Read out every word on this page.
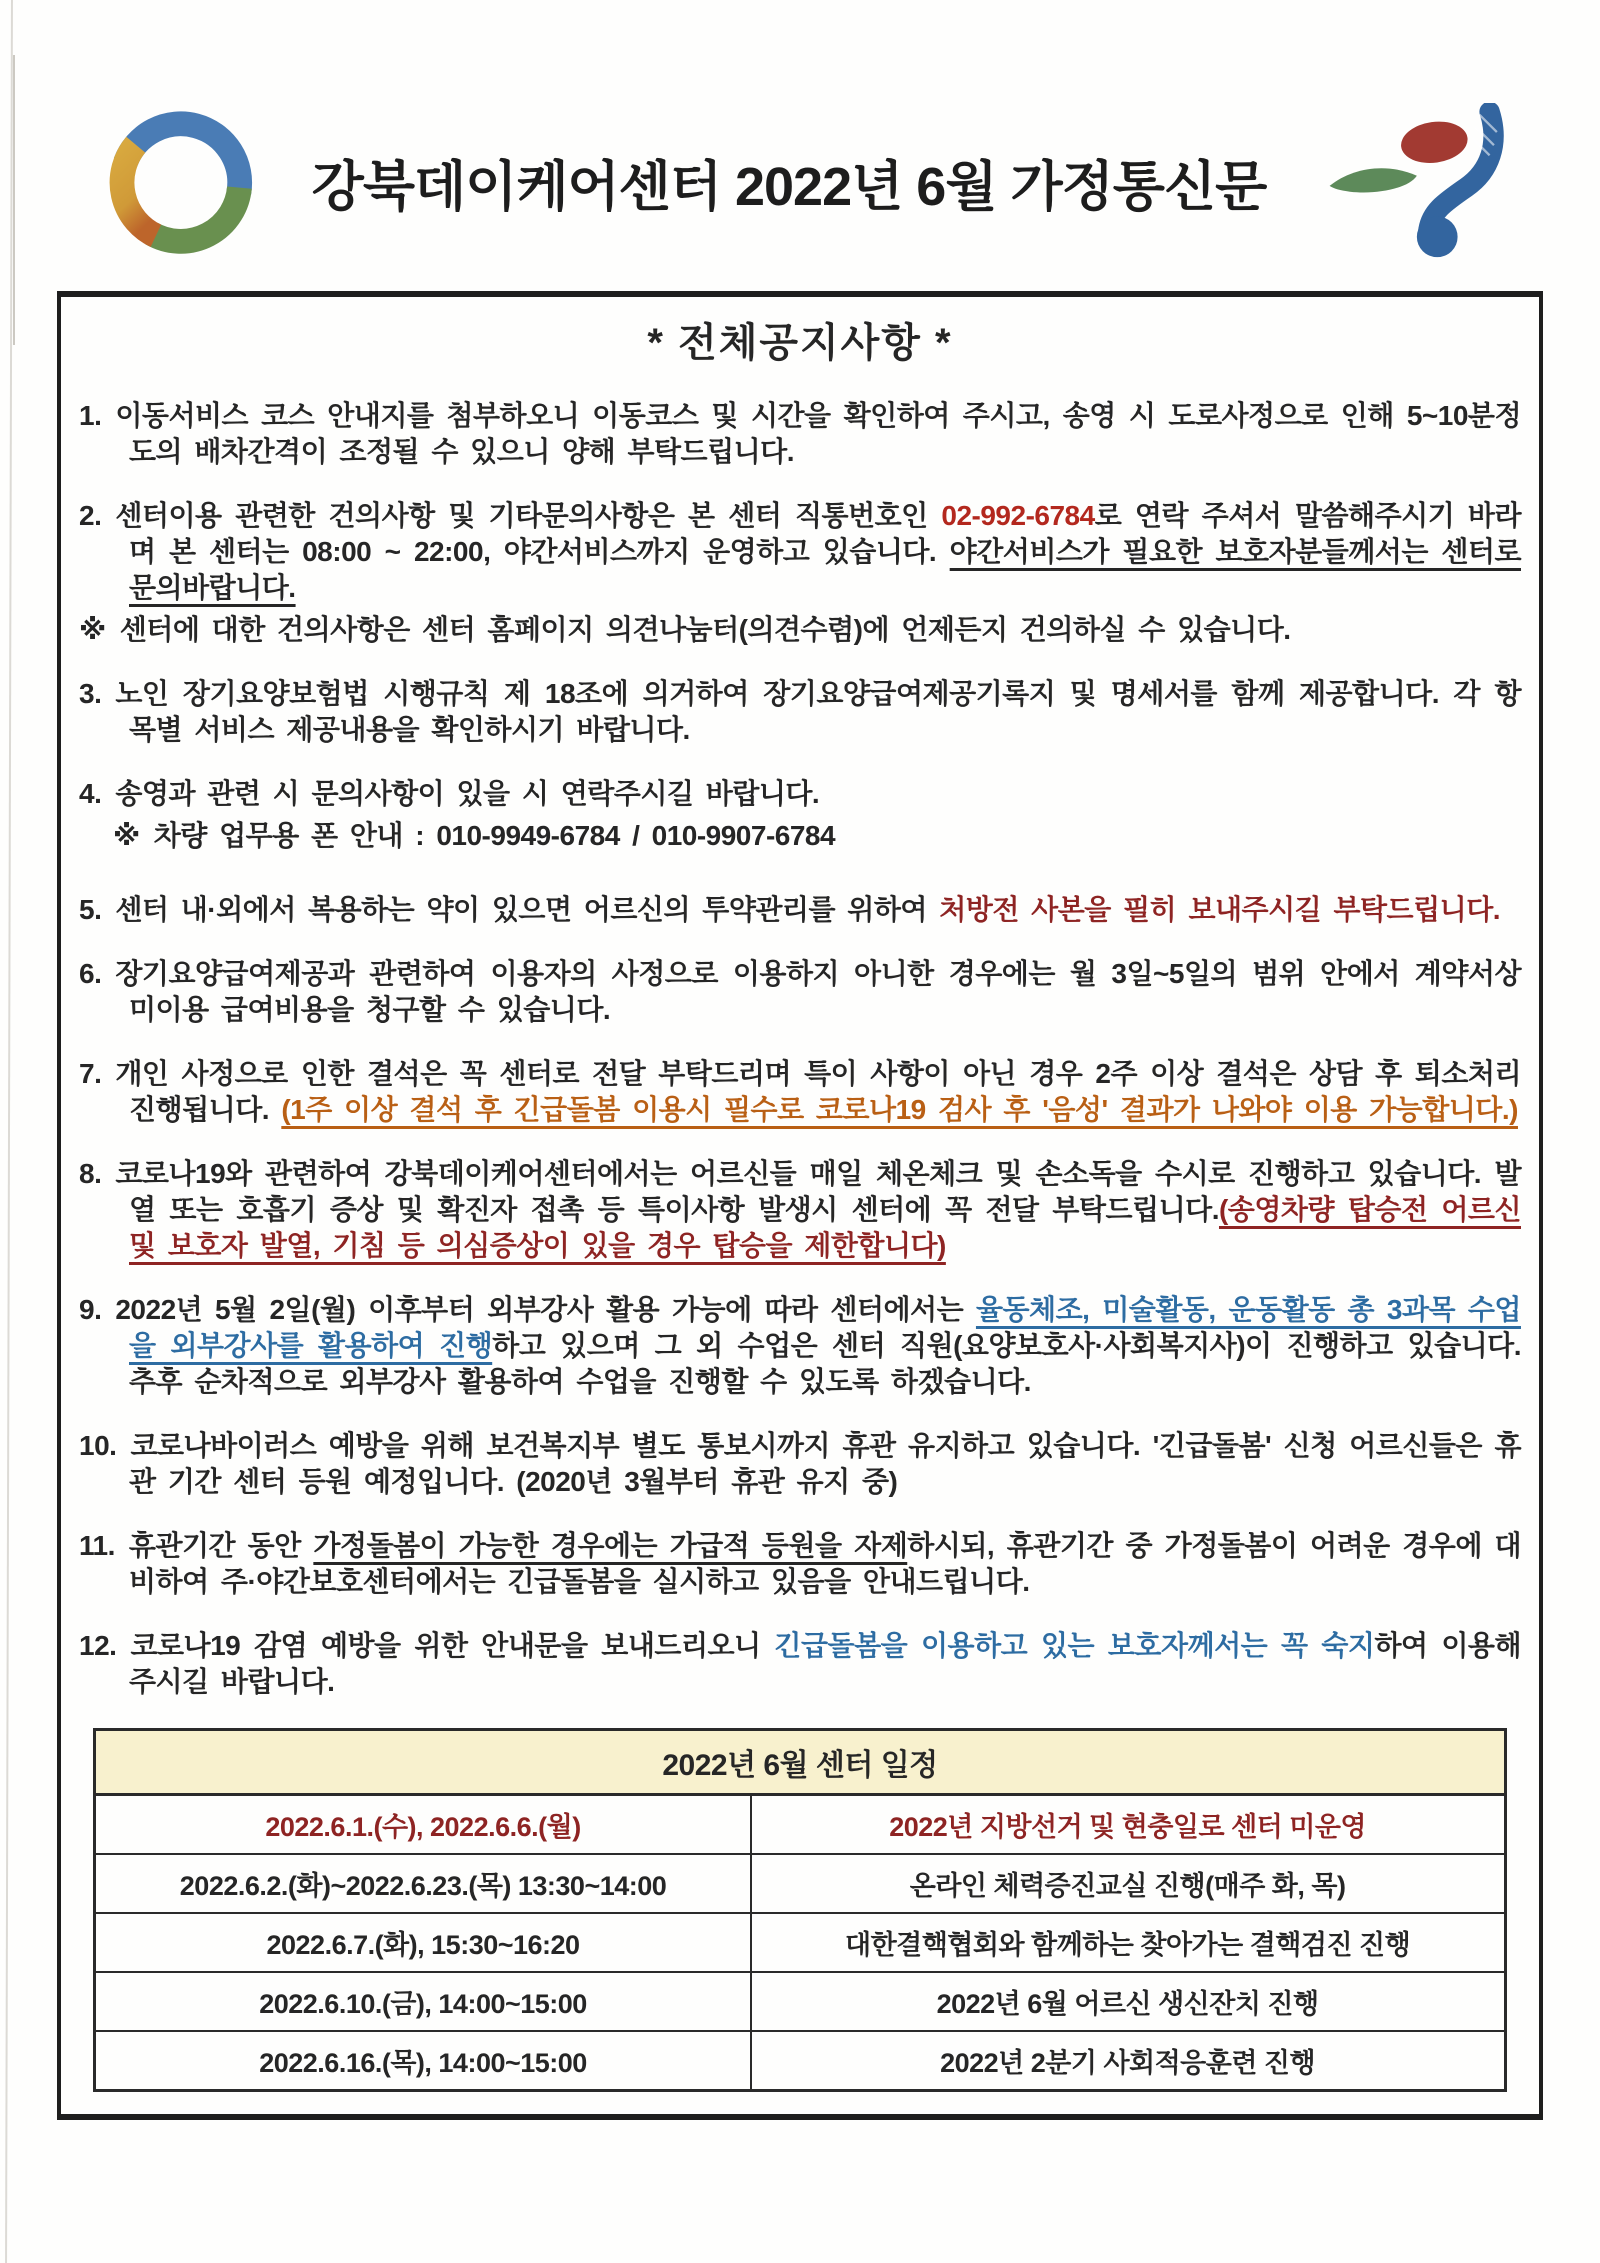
강북데이케어센터 2022년 6월 가정통신문
* 전체공지사항 *
1. 이동서비스 코스 안내지를 첨부하오니 이동코스 및 시간을 확인하여 주시고, 송영 시 도로사정으로 인해 5~10분정도의 배차간격이 조정될 수 있으니 양해 부탁드립니다.
2. 센터이용 관련한 건의사항 및 기타문의사항은 본 센터 직통번호인 02-992-6784로 연락 주셔서 말씀해주시기 바라며 본 센터는 08:00 ~ 22:00, 야간서비스까지 운영하고 있습니다. 야간서비스가 필요한 보호자분들께서는 센터로 문의바랍니다.
※ 센터에 대한 건의사항은 센터 홈페이지 의견나눔터(의견수렴)에 언제든지 건의하실 수 있습니다.
3. 노인 장기요양보험법 시행규칙 제 18조에 의거하여 장기요양급여제공기록지 및 명세서를 함께 제공합니다. 각 항목별 서비스 제공내용을 확인하시기 바랍니다.
4. 송영과 관련 시 문의사항이 있을 시 연락주시길 바랍니다.
※ 차량 업무용 폰 안내 : 010-9949-6784 / 010-9907-6784
5. 센터 내·외에서 복용하는 약이 있으면 어르신의 투약관리를 위하여 처방전 사본을 필히 보내주시길 부탁드립니다.
6. 장기요양급여제공과 관련하여 이용자의 사정으로 이용하지 아니한 경우에는 월 3일~5일의 범위 안에서 계약서상 미이용 급여비용을 청구할 수 있습니다.
7. 개인 사정으로 인한 결석은 꼭 센터로 전달 부탁드리며 특이 사항이 아닌 경우 2주 이상 결석은 상담 후 퇴소처리 진행됩니다. (1주 이상 결석 후 긴급돌봄 이용시 필수로 코로나19 검사 후 '음성' 결과가 나와야 이용 가능합니다.)
8. 코로나19와 관련하여 강북데이케어센터에서는 어르신들 매일 체온체크 및 손소독을 수시로 진행하고 있습니다. 발열 또는 호흡기 증상 및 확진자 접촉 등 특이사항 발생시 센터에 꼭 전달 부탁드립니다.(송영차량 탑승전 어르신 및 보호자 발열, 기침 등 의심증상이 있을 경우 탑승을 제한합니다)
9. 2022년 5월 2일(월) 이후부터 외부강사 활용 가능에 따라 센터에서는 율동체조, 미술활동, 운동활동 총 3과목 수업을 외부강사를 활용하여 진행하고 있으며 그 외 수업은 센터 직원(요양보호사·사회복지사)이 진행하고 있습니다. 추후 순차적으로 외부강사 활용하여 수업을 진행할 수 있도록 하겠습니다.
10. 코로나바이러스 예방을 위해 보건복지부 별도 통보시까지 휴관 유지하고 있습니다. '긴급돌봄' 신청 어르신들은 휴관 기간 센터 등원 예정입니다. (2020년 3월부터 휴관 유지 중)
11. 휴관기간 동안 가정돌봄이 가능한 경우에는 가급적 등원을 자제하시되, 휴관기간 중 가정돌봄이 어려운 경우에 대비하여 주·야간보호센터에서는 긴급돌봄을 실시하고 있음을 안내드립니다.
12. 코로나19 감염 예방을 위한 안내문을 보내드리오니 긴급돌봄을 이용하고 있는 보호자께서는 꼭 숙지하여 이용해주시길 바랍니다.
2022년 6월 센터 일정	
2022.6.1.(수), 2022.6.6.(월)	2022년 지방선거 및 현충일로 센터 미운영
2022.6.2.(화)~2022.6.23.(목) 13:30~14:00	온라인 체력증진교실 진행(매주 화, 목)
2022.6.7.(화), 15:30~16:20	대한결핵협회와 함께하는 찾아가는 결핵검진 진행
2022.6.10.(금), 14:00~15:00	2022년 6월 어르신 생신잔치 진행
2022.6.16.(목), 14:00~15:00	2022년 2분기 사회적응훈련 진행
